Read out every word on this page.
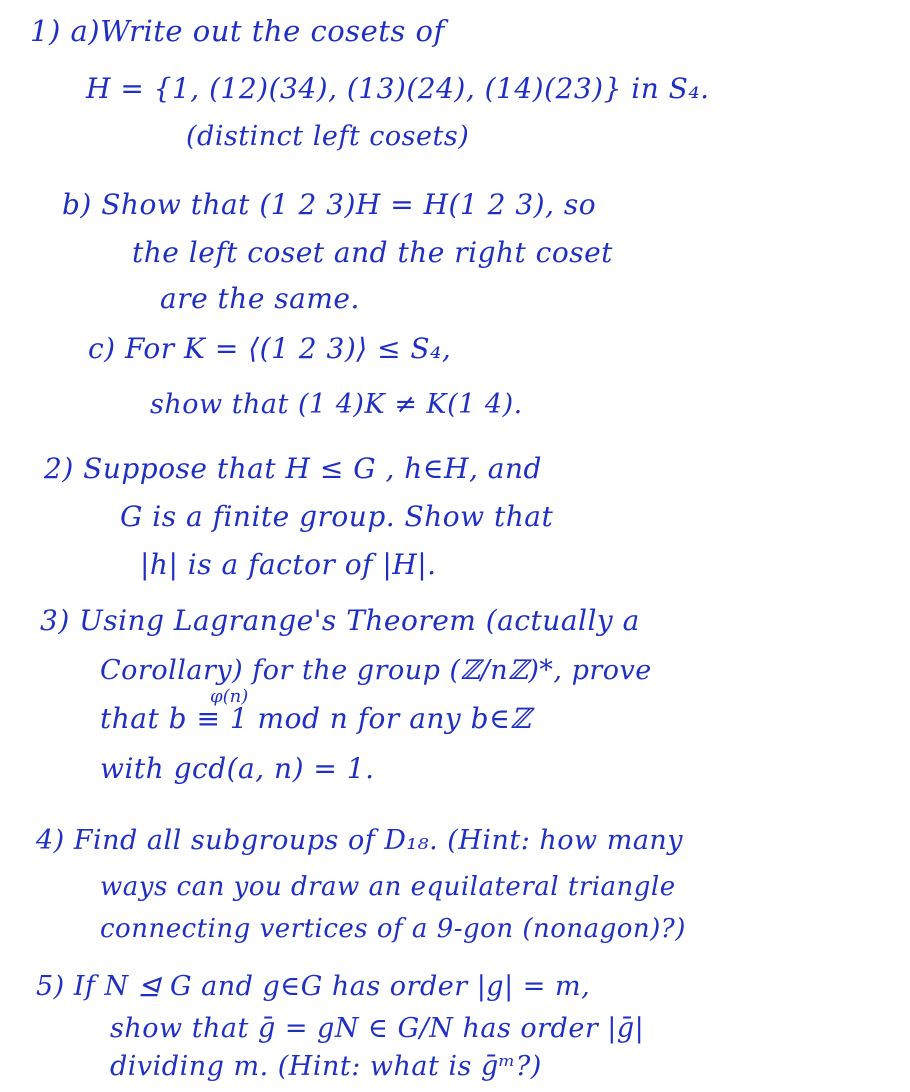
1) a)Write out the cosets of
H = {1, (12)(34), (13)(24), (14)(23)} in S₄.
(distinct left cosets)
b) Show that (1 2 3)H = H(1 2 3), so
the left coset and the right coset
are the same.
c) For K = ⟨(1 2 3)⟩ ≤ S₄,
show that (1 4)K ≠ K(1 4).
2) Suppose that H ≤ G , h∈H, and
G is a finite group. Show that
|h| is a factor of |H|.
3) Using Lagrange's Theorem (actually a
Corollary) for the group (ℤ/nℤ)*, prove
φ(n)
that b ≡ 1 mod n for any b∈ℤ
with gcd(a, n) = 1.
4) Find all subgroups of D₁₈. (Hint: how many
ways can you draw an equilateral triangle
connecting vertices of a 9-gon (nonagon)?)
5) If N ⊴ G and g∈G has order |g| = m,
show that ḡ = gN ∈ G/N has order |ḡ|
dividing m. (Hint: what is ḡᵐ?)
